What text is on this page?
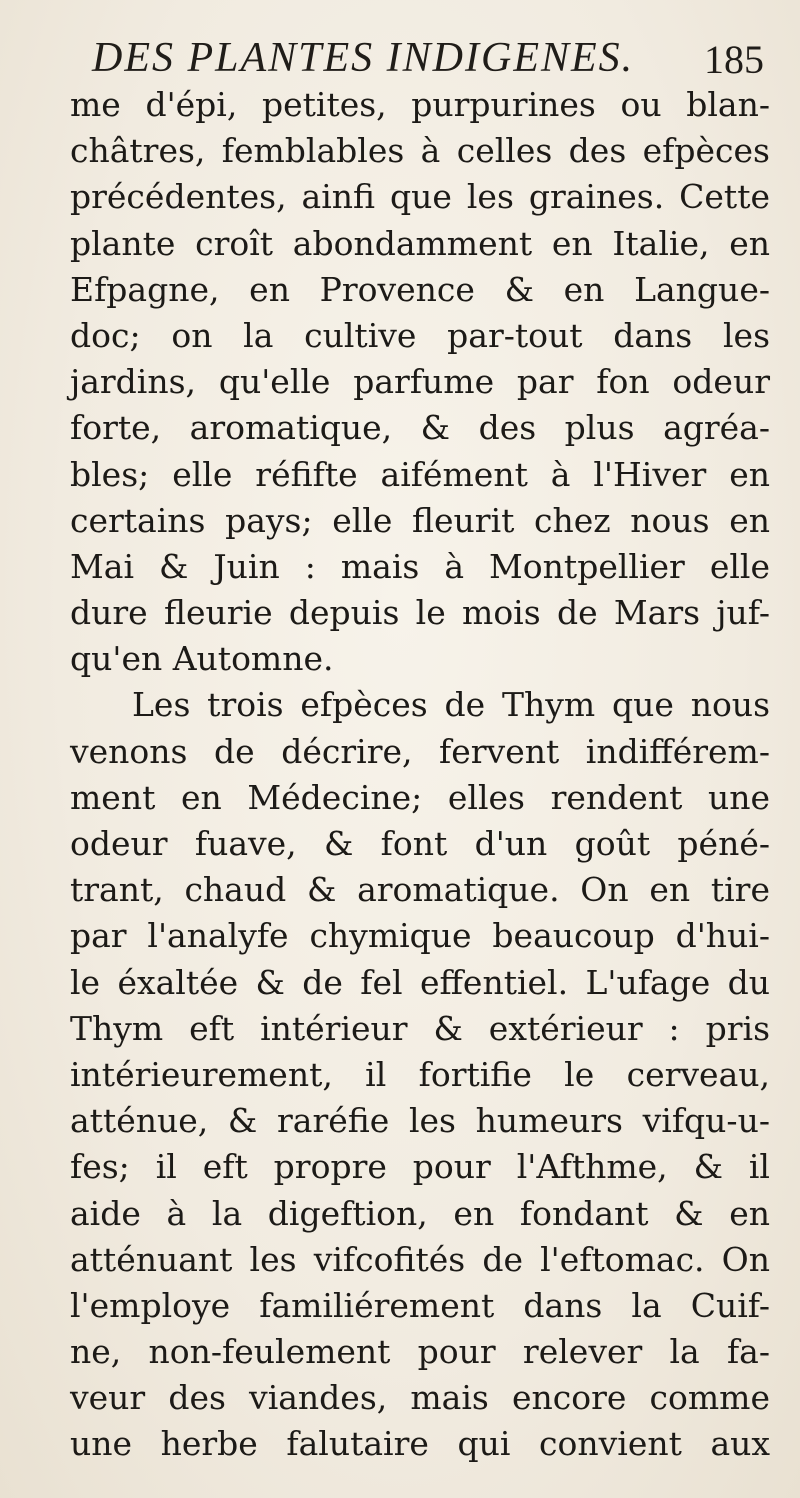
DES PLANTES INDIGENES. 185
me d'épi, petites, purpurines ou blan-
châtres, femblables à celles des efpèces
précédentes, ainfi que les graines. Cette
plante croît abondamment en Italie, en
Efpagne, en Provence & en Langue-
doc; on la cultive par-tout dans les
jardins, qu'elle parfume par fon odeur
forte, aromatique, & des plus agréa-
bles; elle réfifte aifément à l'Hiver en
certains pays; elle fleurit chez nous en
Mai & Juin : mais à Montpellier elle
dure fleurie depuis le mois de Mars juf-
qu'en Automne.
Les trois efpèces de Thym que nous
venons de décrire, fervent indifférem-
ment en Médecine; elles rendent une
odeur fuave, & font d'un goût péné-
trant, chaud & aromatique. On en tire
par l'analyfe chymique beaucoup d'hui-
le éxaltée & de fel effentiel. L'ufage du
Thym eft intérieur & extérieur : pris
intérieurement, il fortifie le cerveau,
atténue, & raréfie les humeurs vifqu-u-
fes; il eft propre pour l'Afthme, & il
aide à la digeftion, en fondant & en
atténuant les vifcofités de l'eftomac. On
l'employe familiérement dans la Cuif-
ne, non-feulement pour relever la fa-
veur des viandes, mais encore comme
une herbe falutaire qui convient aux
